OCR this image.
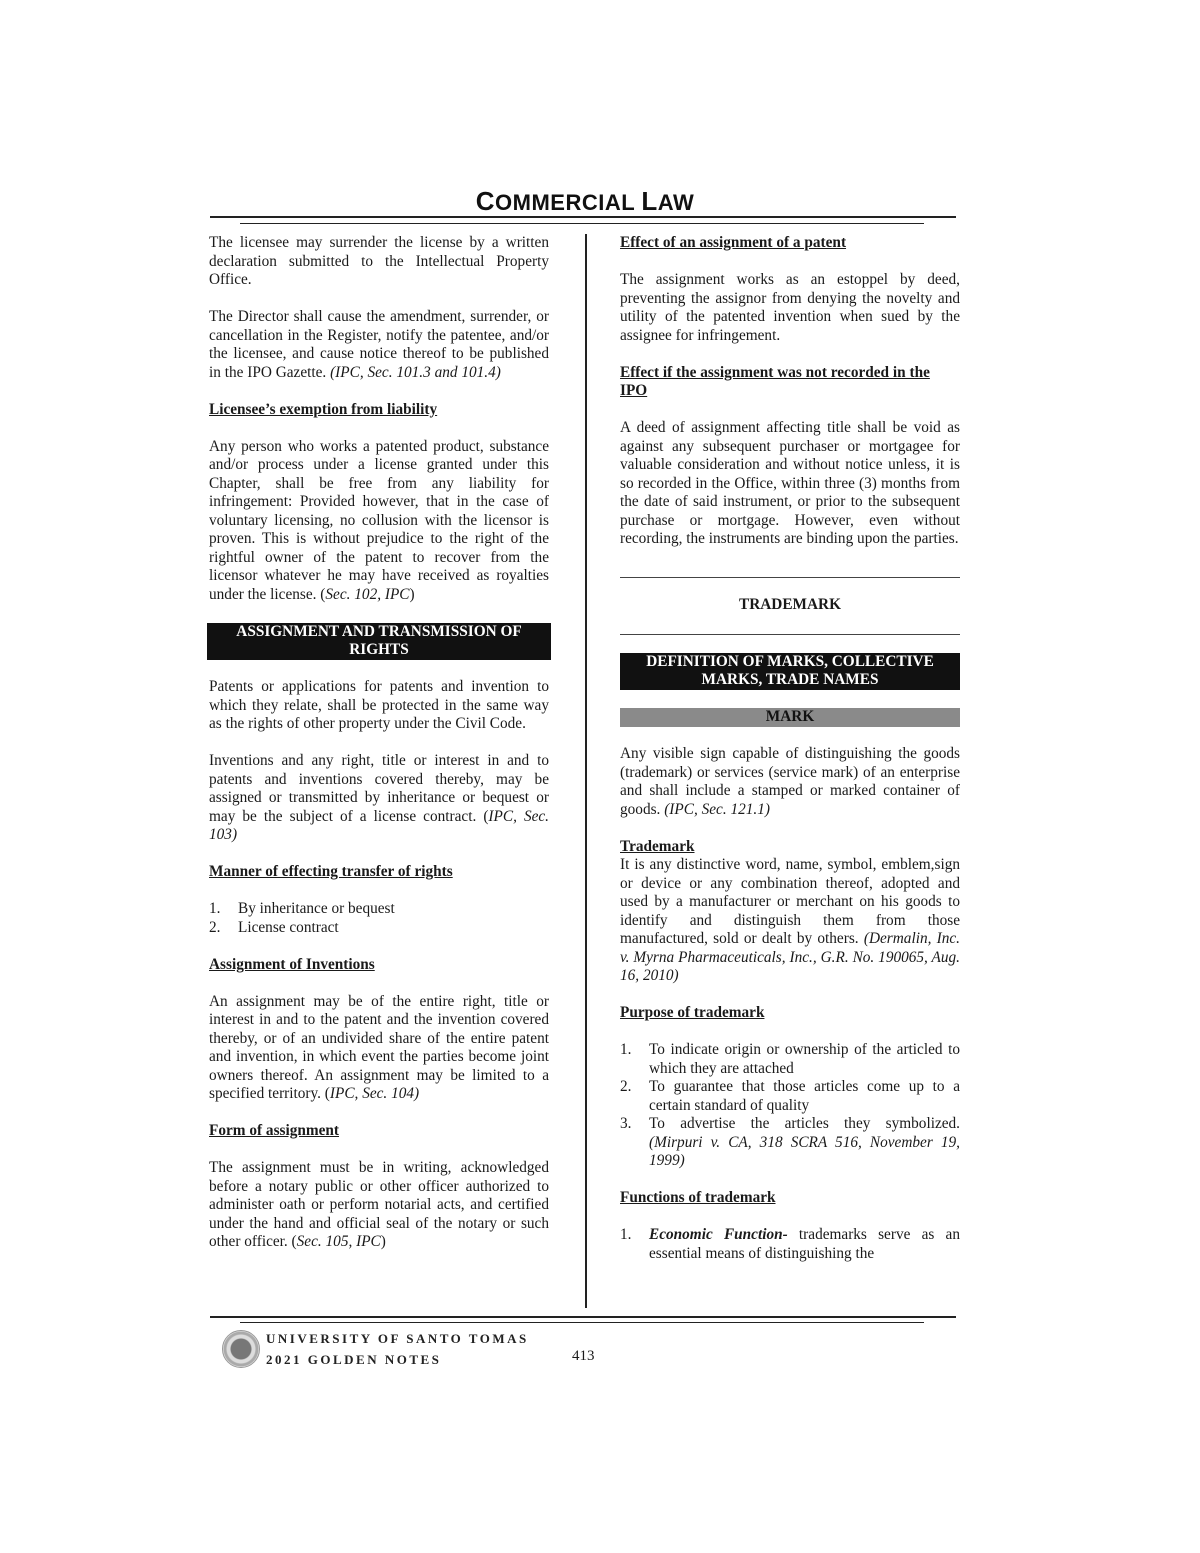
COMMERCIAL LAW

The licensee may surrender the license by a written declaration submitted to the Intellectual Property Office.

The Director shall cause the amendment, surrender, or cancellation in the Register, notify the patentee, and/or the licensee, and cause notice thereof to be published in the IPO Gazette. (IPC, Sec. 101.3 and 101.4)

Licensee’s exemption from liability

Any person who works a patented product, substance and/or process under a license granted under this Chapter, shall be free from any liability for infringement: Provided however, that in the case of voluntary licensing, no collusion with the licensor is proven. This is without prejudice to the right of the rightful owner of the patent to recover from the licensor whatever he may have received as royalties under the license. (Sec. 102, IPC)

ASSIGNMENT AND TRANSMISSION OF RIGHTS

Patents or applications for patents and invention to which they relate, shall be protected in the same way as the rights of other property under the Civil Code.

Inventions and any right, title or interest in and to patents and inventions covered thereby, may be assigned or transmitted by inheritance or bequest or may be the subject of a license contract. (IPC, Sec. 103)

Manner of effecting transfer of rights
1. By inheritance or bequest
2. License contract
Assignment of Inventions

An assignment may be of the entire right, title or interest in and to the patent and the invention covered thereby, or of an undivided share of the entire patent and invention, in which event the parties become joint owners thereof. An assignment may be limited to a specified territory. (IPC, Sec. 104)

Form of assignment

The assignment must be in writing, acknowledged before a notary public or other officer authorized to administer oath or perform notarial acts, and certified under the hand and official seal of the notary or such other officer. (Sec. 105, IPC)

Effect of an assignment of a patent

The assignment works as an estoppel by deed, preventing the assignor from denying the novelty and utility of the patented invention when sued by the assignee for infringement.

Effect if the assignment was not recorded in the IPO

A deed of assignment affecting title shall be void as against any subsequent purchaser or mortgagee for valuable consideration and without notice unless, it is so recorded in the Office, within three (3) months from the date of said instrument, or prior to the subsequent purchase or mortgage. However, even without recording, the instruments are binding upon the parties.

TRADEMARK
DEFINITION OF MARKS, COLLECTIVE MARKS, TRADE NAMES
MARK

Any visible sign capable of distinguishing the goods (trademark) or services (service mark) of an enterprise and shall include a stamped or marked container of goods. (IPC, Sec. 121.1)

Trademark

It is any distinctive word, name, symbol, emblem,sign or device or any combination thereof, adopted and used by a manufacturer or merchant on his goods to identify and distinguish them from those manufactured, sold or dealt by others. (Dermalin, Inc. v. Myrna Pharmaceuticals, Inc., G.R. No. 190065, Aug. 16, 2010)

Purpose of trademark
1. To indicate origin or ownership of the articled to which they are attached
2. To guarantee that those articles come up to a certain standard of quality
3. To advertise the articles they symbolized. (Mirpuri v. CA, 318 SCRA 516, November 19, 1999)
Functions of trademark
1. Economic Function- trademarks serve as an essential means of distinguishing the
UNIVERSITY OF SANTO TOMAS
2021 GOLDEN NOTES	413
